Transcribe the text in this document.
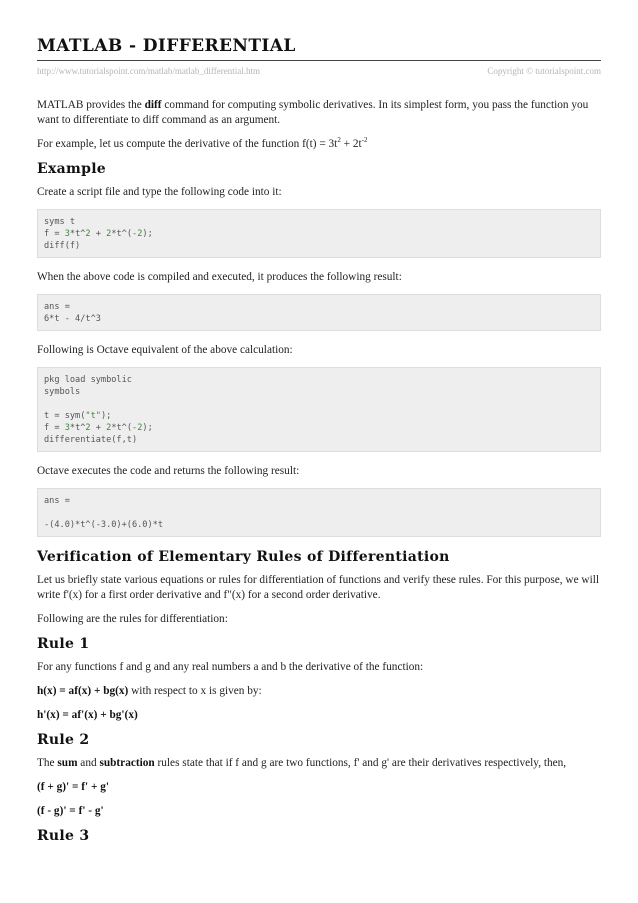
MATLAB - DIFFERENTIAL
http://www.tutorialspoint.com/matlab/matlab_differential.htm	Copyright © tutorialspoint.com

MATLAB provides the diff command for computing symbolic derivatives. In its simplest form, you pass the function you want to differentiate to diff command as an argument.

For example, let us compute the derivative of the function $f(t) = 3t^2 + 2t^{-2}$

Example

Create a script file and type the following code into it:

syms t
f = 3*t^2 + 2*t^(-2);
diff(f)

When the above code is compiled and executed, it produces the following result:

ans =
6*t - 4/t^3

Following is Octave equivalent of the above calculation:

pkg load symbolic
symbols
t = sym("t");
f = 3*t^2 + 2*t^(-2);
differentiate(f,t)

Octave executes the code and returns the following result:

ans =
-(4.0)*t^(-3.0)+(6.0)*t
Verification of Elementary Rules of Differentiation

Let us briefly state various equations or rules for differentiation of functions and verify these rules. For this purpose, we will write f'(x) for a first order derivative and f"(x) for a second order derivative.

Following are the rules for differentiation:

Rule 1

For any functions f and g and any real numbers a and b the derivative of the function:

h(x) = af(x) + bg(x) with respect to x is given by:

h'(x) = af'(x) + bg'(x)

Rule 2

The sum and subtraction rules state that if f and g are two functions, f' and g' are their derivatives respectively, then,

(f + g)' = f' + g'

(f - g)' = f' - g'

Rule 3
